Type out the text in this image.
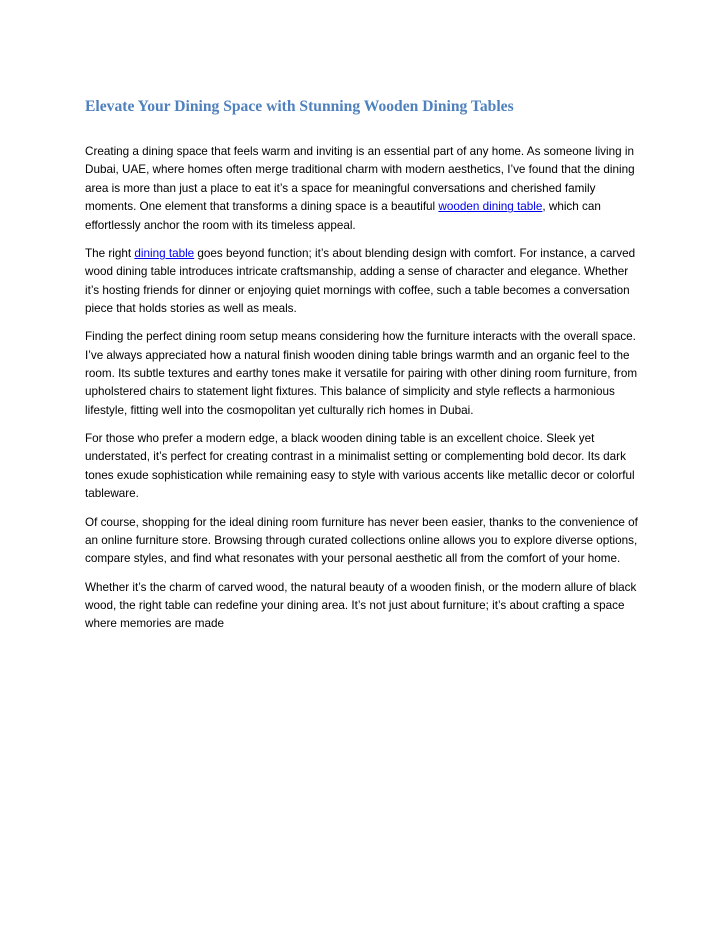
Elevate Your Dining Space with Stunning Wooden Dining Tables

Creating a dining space that feels warm and inviting is an essential part of any home. As someone living in Dubai, UAE, where homes often merge traditional charm with modern aesthetics, I’ve found that the dining area is more than just a place to eat it’s a space for meaningful conversations and cherished family moments. One element that transforms a dining space is a beautiful wooden dining table, which can effortlessly anchor the room with its timeless appeal.

The right dining table goes beyond function; it’s about blending design with comfort. For instance, a carved wood dining table introduces intricate craftsmanship, adding a sense of character and elegance. Whether it’s hosting friends for dinner or enjoying quiet mornings with coffee, such a table becomes a conversation piece that holds stories as well as meals.

Finding the perfect dining room setup means considering how the furniture interacts with the overall space. I’ve always appreciated how a natural finish wooden dining table brings warmth and an organic feel to the room. Its subtle textures and earthy tones make it versatile for pairing with other dining room furniture, from upholstered chairs to statement light fixtures. This balance of simplicity and style reflects a harmonious lifestyle, fitting well into the cosmopolitan yet culturally rich homes in Dubai.

For those who prefer a modern edge, a black wooden dining table is an excellent choice. Sleek yet understated, it’s perfect for creating contrast in a minimalist setting or complementing bold decor. Its dark tones exude sophistication while remaining easy to style with various accents like metallic decor or colorful tableware.

Of course, shopping for the ideal dining room furniture has never been easier, thanks to the convenience of an online furniture store. Browsing through curated collections online allows you to explore diverse options, compare styles, and find what resonates with your personal aesthetic all from the comfort of your home.

Whether it’s the charm of carved wood, the natural beauty of a wooden finish, or the modern allure of black wood, the right table can redefine your dining area. It’s not just about furniture; it’s about crafting a space where memories are made
